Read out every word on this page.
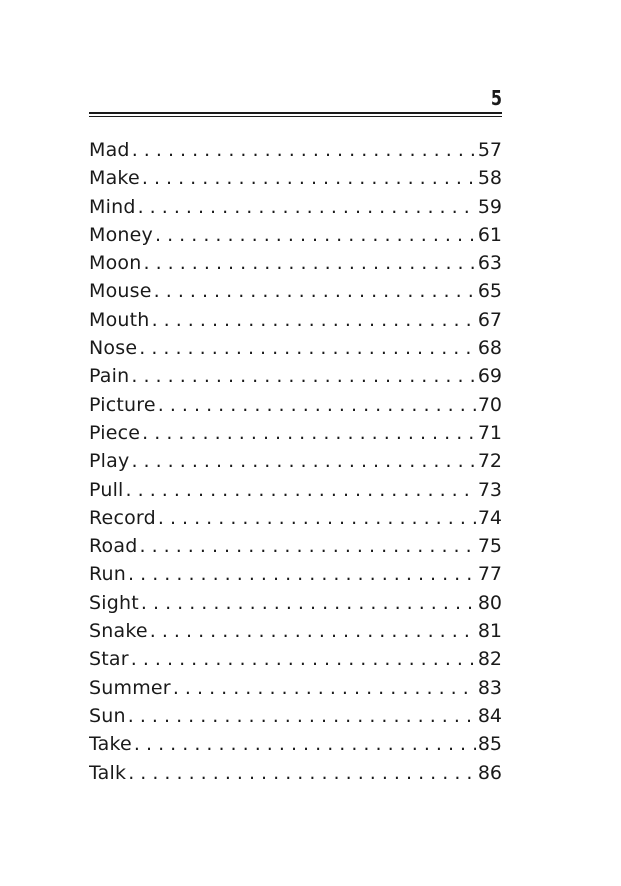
5
Mad . . .	57
Make . . .	58
Mind . . .	59
Money . . .	61
Moon . . .	63
Mouse . . .	65
Mouth . . .	67
Nose . . .	68
Pain . . .	69
Picture . . .	70
Piece . . .	71
Play . . .	72
Pull . . .	73
Record . . .	74
Road . . .	75
Run . . .	77
Sight . . .	80
Snake . . .	81
Star . . .	82
Summer . . .	83
Sun . . .	84
Take . . .	85
Talk . . .	86
